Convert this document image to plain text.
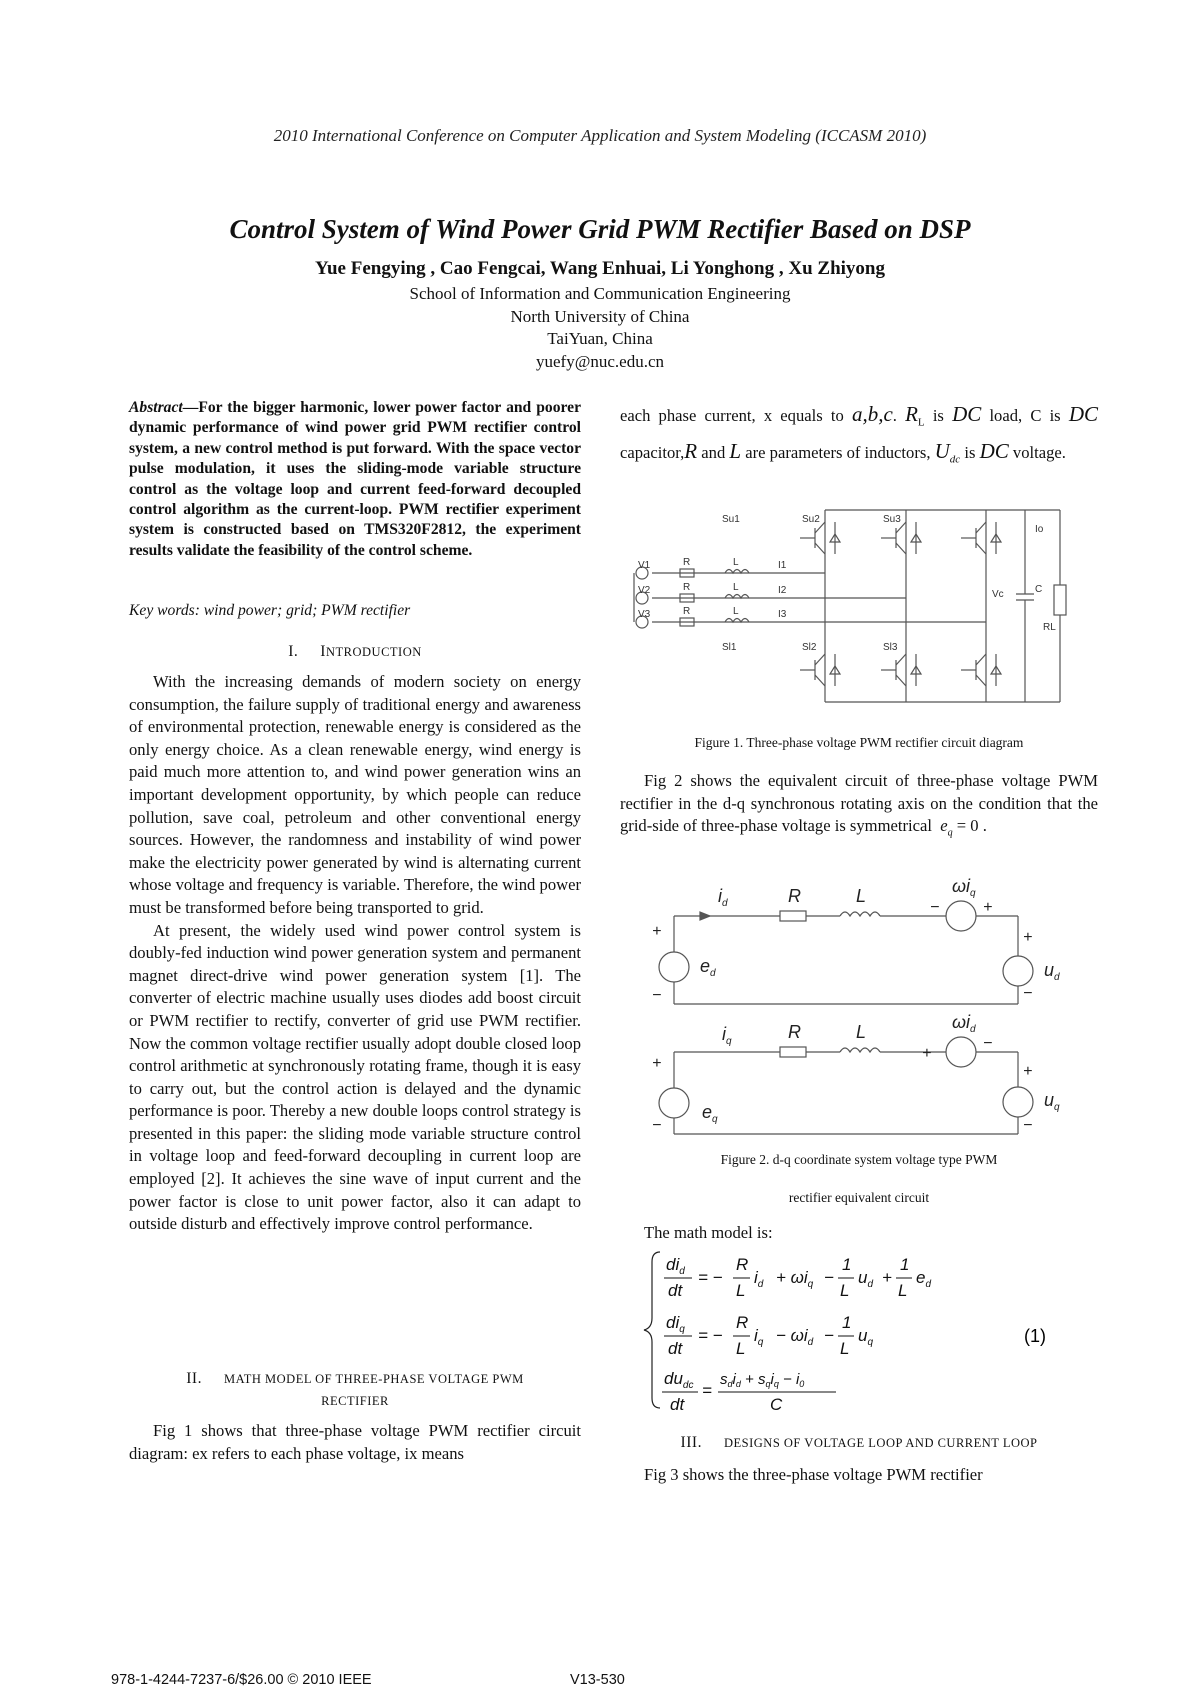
2010 International Conference on Computer Application and System Modeling (ICCASM 2010)
Control System of Wind Power Grid PWM Rectifier Based on DSP
Yue Fengying , Cao Fengcai, Wang Enhuai, Li Yonghong , Xu Zhiyong
School of Information and Communication Engineering
North University of China
TaiYuan, China
yuefy@nuc.edu.cn
Abstract—For the bigger harmonic, lower power factor and poorer dynamic performance of wind power grid PWM rectifier control system, a new control method is put forward. With the space vector pulse modulation, it uses the sliding-mode variable structure control as the voltage loop and current feed-forward decoupled control algorithm as the current-loop. PWM rectifier experiment system is constructed based on TMS320F2812, the experiment results validate the feasibility of the control scheme.
Key words: wind power; grid; PWM rectifier
I. INTRODUCTION

With the increasing demands of modern society on energy consumption, the failure supply of traditional energy and awareness of environmental protection, renewable energy is considered as the only energy choice. As a clean renewable energy, wind energy is paid much more attention to, and wind power generation wins an important development opportunity, by which people can reduce pollution, save coal, petroleum and other conventional energy sources. However, the randomness and instability of wind power make the electricity power generated by wind is alternating current whose voltage and frequency is variable. Therefore, the wind power must be transformed before being transported to grid.

At present, the widely used wind power control system is doubly-fed induction wind power generation system and permanent magnet direct-drive wind power generation system [1]. The converter of electric machine usually uses diodes add boost circuit or PWM rectifier to rectify, converter of grid use PWM rectifier. Now the common voltage rectifier usually adopt double closed loop control arithmetic at synchronously rotating frame, though it is easy to carry out, but the control action is delayed and the dynamic performance is poor. Thereby a new double loops control strategy is presented in this paper: the sliding mode variable structure control in voltage loop and feed-forward decoupling in current loop are employed [2]. It achieves the sine wave of input current and the power factor is close to unit power factor, also it can adapt to outside disturb and effectively improve control performance.

II. MATH MODEL OF THREE-PHASE VOLTAGE PWM
RECTIFIER

Fig 1 shows that three-phase voltage PWM rectifier circuit diagram: ex refers to each phase voltage, ix means

each phase current, x equals to a,b,c. $R_L$ is DC load, C is DC capacitor,R and L are parameters of inductors, $U_{dc}$ is DC voltage.
Su1	Su2	Su3
Sl1	Sl2	Sl3
V1
V2
V3
R
R
R
L
L
L
I1
I2
I3
Io
Vc	C
RL
Figure 1. Three-phase voltage PWM rectifier circuit diagram

Fig 2 shows the equivalent circuit of three-phase voltage PWM rectifier in the d-q synchronous rotating axis on the condition that the grid-side of three-phase voltage is symmetrical $e_q = 0$ .

$i_d$	R	L	$\omega i_q$
−	+
+
−
$e_d$
+
−
$u_d$
$i_q$	R	L	$\omega i_d$
+
−
+
−
$e_q$
+
−
$u_q$
Figure 2. d-q coordinate system voltage type PWM
rectifier equivalent circuit

The math model is:

$di_d$
dt
= −
R
L
$i_d + \omega i_q$ −
1
L
$u_d$ +
1
L
$e_d$
$di_q$
dt
= −
R
L
$i_q - \omega i_d$ −
1
L
$u_q$
$du_{dc}$
dt
=
$s_di_d + s_qi_q - i_0$
C
(1)
III. DESIGNS OF VOLTAGE LOOP AND CURRENT LOOP

Fig 3 shows the three-phase voltage PWM rectifier

978-1-4244-7237-6/$26.00 © 2010 IEEE	V13-530
